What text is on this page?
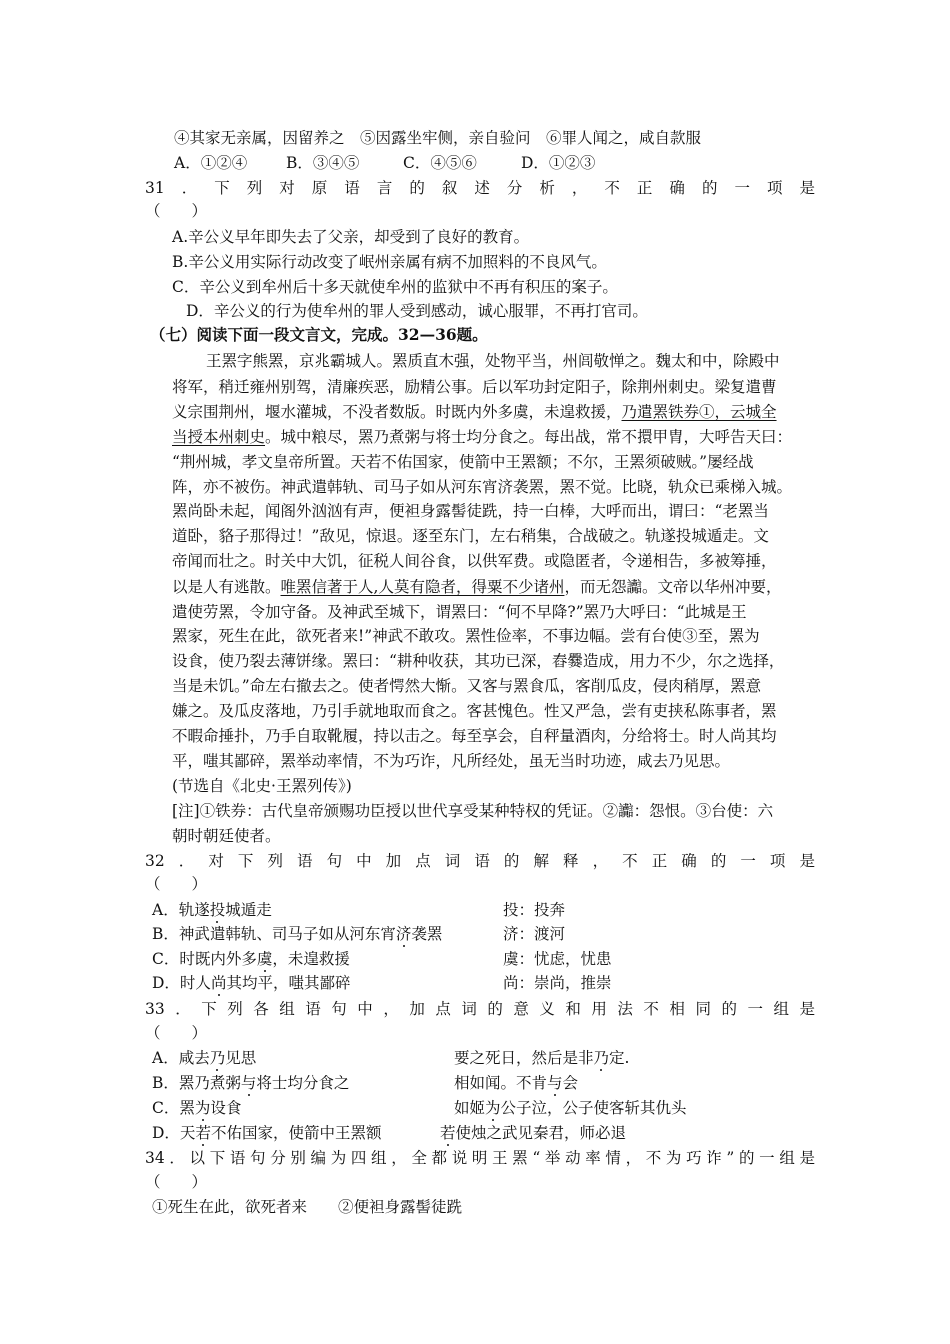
④其家无亲属，因留养之　⑤因露坐牢侧，亲自验问　⑥罪人闻之，咸自款服
A．①②④	B．③④⑤	C．④⑤⑥	D．①②③
31．下列对原语言的叙述分析，不正确的一项是
（　　）
A.辛公义早年即失去了父亲，却受到了良好的教育。
B.辛公义用实际行动改变了岷州亲属有病不加照料的不良风气。
C．辛公义到牟州后十多天就使牟州的监狱中不再有积压的案子。
D．辛公义的行为使牟州的罪人受到感动，诚心服罪，不再打官司。
（七）阅读下面一段文言文，完成。32—36题。
王罴字熊罴，京兆霸城人。罴质直木强，处物平当，州闾敬惮之。魏太和中，除殿中
将军，稍迁雍州别驾，清廉疾恶，励精公事。后以军功封定阳子，除荆州刺史。梁复遣曹
义宗围荆州，堰水灌城，不没者数版。时既内外多虞，未遑救援，乃遣罴铁券①，云城全
当授本州刺史。城中粮尽，罴乃煮粥与将士均分食之。每出战，常不擐甲胄，大呼告天曰：
“荆州城，孝文皇帝所置。天若不佑国家，使箭中王罴额；不尔，王罴须破贼。”屡经战
阵，亦不被伤。神武遣韩轨、司马子如从河东宵济袭罴，罴不觉。比晓，轨众已乘梯入城。
罴尚卧未起，闻阁外汹汹有声，便袒身露髻徒跣，持一白棒，大呼而出，谓曰：“老罴当
道卧，貉子那得过！”敌见，惊退。逐至东门，左右稍集，合战破之。轨遂投城遁走。文
帝闻而壮之。时关中大饥，征税人间谷食，以供军费。或隐匿者，令递相告，多被筹捶，
以是人有逃散。唯罴信著于人,人莫有隐者，得粟不少诸州，而无怨讟。文帝以华州冲要，
遣使劳罴，令加守备。及神武至城下，谓罴曰：“何不早降?”罴乃大呼曰：“此城是王
罴家，死生在此，欲死者来!”神武不敢攻。罴性俭率，不事边幅。尝有台使③至，罴为
设食，使乃裂去薄饼缘。罴曰：“耕种收获，其功已深，舂爨造成，用力不少，尔之选择，
当是未饥。”命左右撤去之。使者愕然大惭。又客与罴食瓜，客削瓜皮，侵肉稍厚，罴意
嫌之。及瓜皮落地，乃引手就地取而食之。客甚愧色。性又严急，尝有吏挟私陈事者，罴
不暇命捶扑，乃手自取靴履，持以击之。每至享会，自秤量酒肉，分给将士。时人尚其均
平，嗤其鄙碎，罴举动率情，不为巧诈，凡所经处，虽无当时功迹，咸去乃见思。
(节选自《北史·王罴列传》)
[注]①铁券：古代皇帝颁赐功臣授以世代享受某种特权的凭证。②讟：怨恨。③台使：六
朝时朝廷使者。
32．对下列语句中加点词语的解释，不正确的一项是
（　　）
A．轨遂投城遁走	投：投奔
B．神武遣韩轨、司马子如从河东宵济袭罴	济：渡河
C．时既内外多虞，未遑救援	虞：忧虑，忧患
D．时人尚其均平，嗤其鄙碎	尚：崇尚，推崇
33．下列各组语句中，加点词的意义和用法不相同的一组是
（　　）
A．咸去乃见思	要之死日，然后是非乃定.
B．罴乃煮粥与将士均分食之	相如闻。不肯与会
C．罴为设食	如姬为公子泣，公子使客斩其仇头
D．天若不佑国家，使箭中王罴额	若使烛之武见秦君，师必退
34．以下语句分别编为四组，全都说明王罴“举动率情，不为巧诈”的一组是
（　　）
①死生在此，欲死者来　　②便袒身露髻徒跣
